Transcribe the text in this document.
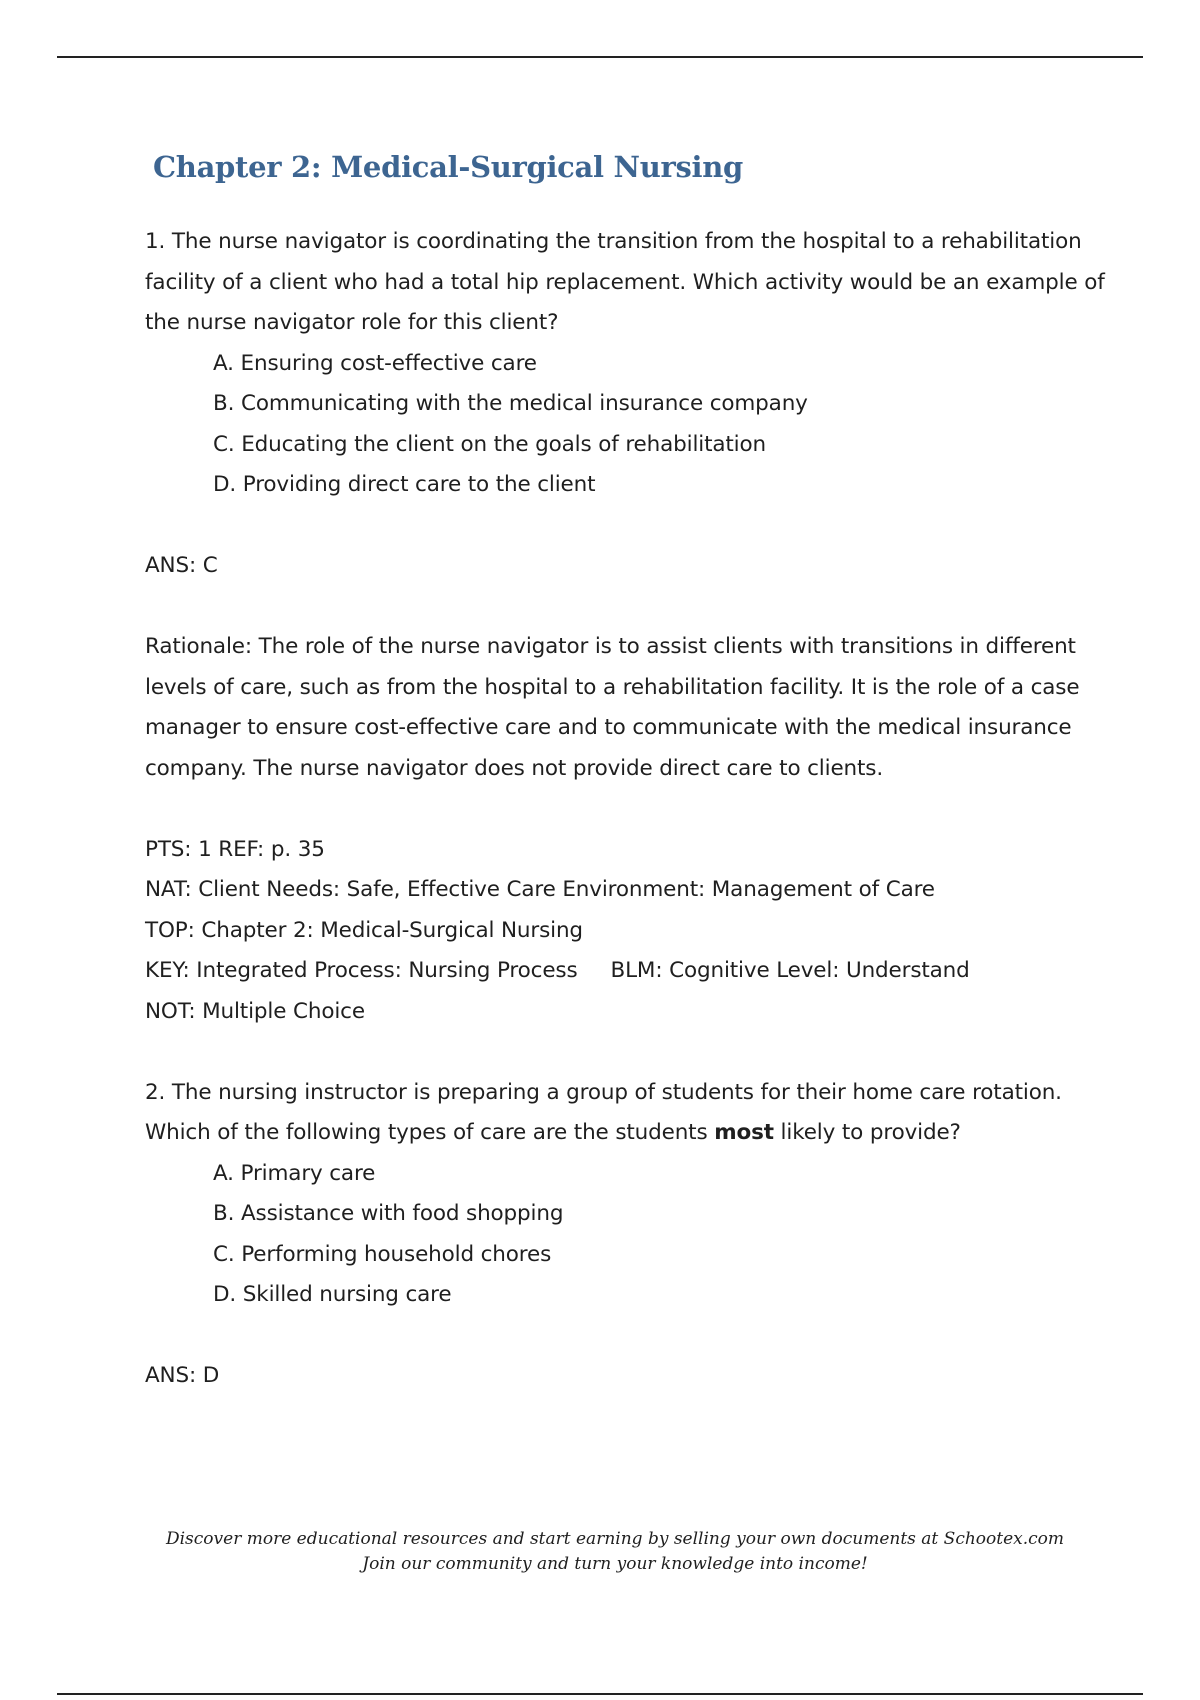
Chapter 2: Medical-Surgical Nursing
1. The nurse navigator is coordinating the transition from the hospital to a rehabilitation
facility of a client who had a total hip replacement. Which activity would be an example of
the nurse navigator role for this client?
A. Ensuring cost-effective care
B. Communicating with the medical insurance company
C. Educating the client on the goals of rehabilitation
D. Providing direct care to the client
ANS: C
Rationale: The role of the nurse navigator is to assist clients with transitions in different
levels of care, such as from the hospital to a rehabilitation facility. It is the role of a case
manager to ensure cost-effective care and to communicate with the medical insurance
company. The nurse navigator does not provide direct care to clients.
PTS: 1 REF: p. 35
NAT: Client Needs: Safe, Effective Care Environment: Management of Care
TOP: Chapter 2: Medical-Surgical Nursing
KEY: Integrated Process: Nursing Process BLM: Cognitive Level: Understand
NOT: Multiple Choice
2. The nursing instructor is preparing a group of students for their home care rotation.
Which of the following types of care are the students most likely to provide?
A. Primary care
B. Assistance with food shopping
C. Performing household chores
D. Skilled nursing care
ANS: D
Discover more educational resources and start earning by selling your own documents at Schootex.com
Join our community and turn your knowledge into income!
